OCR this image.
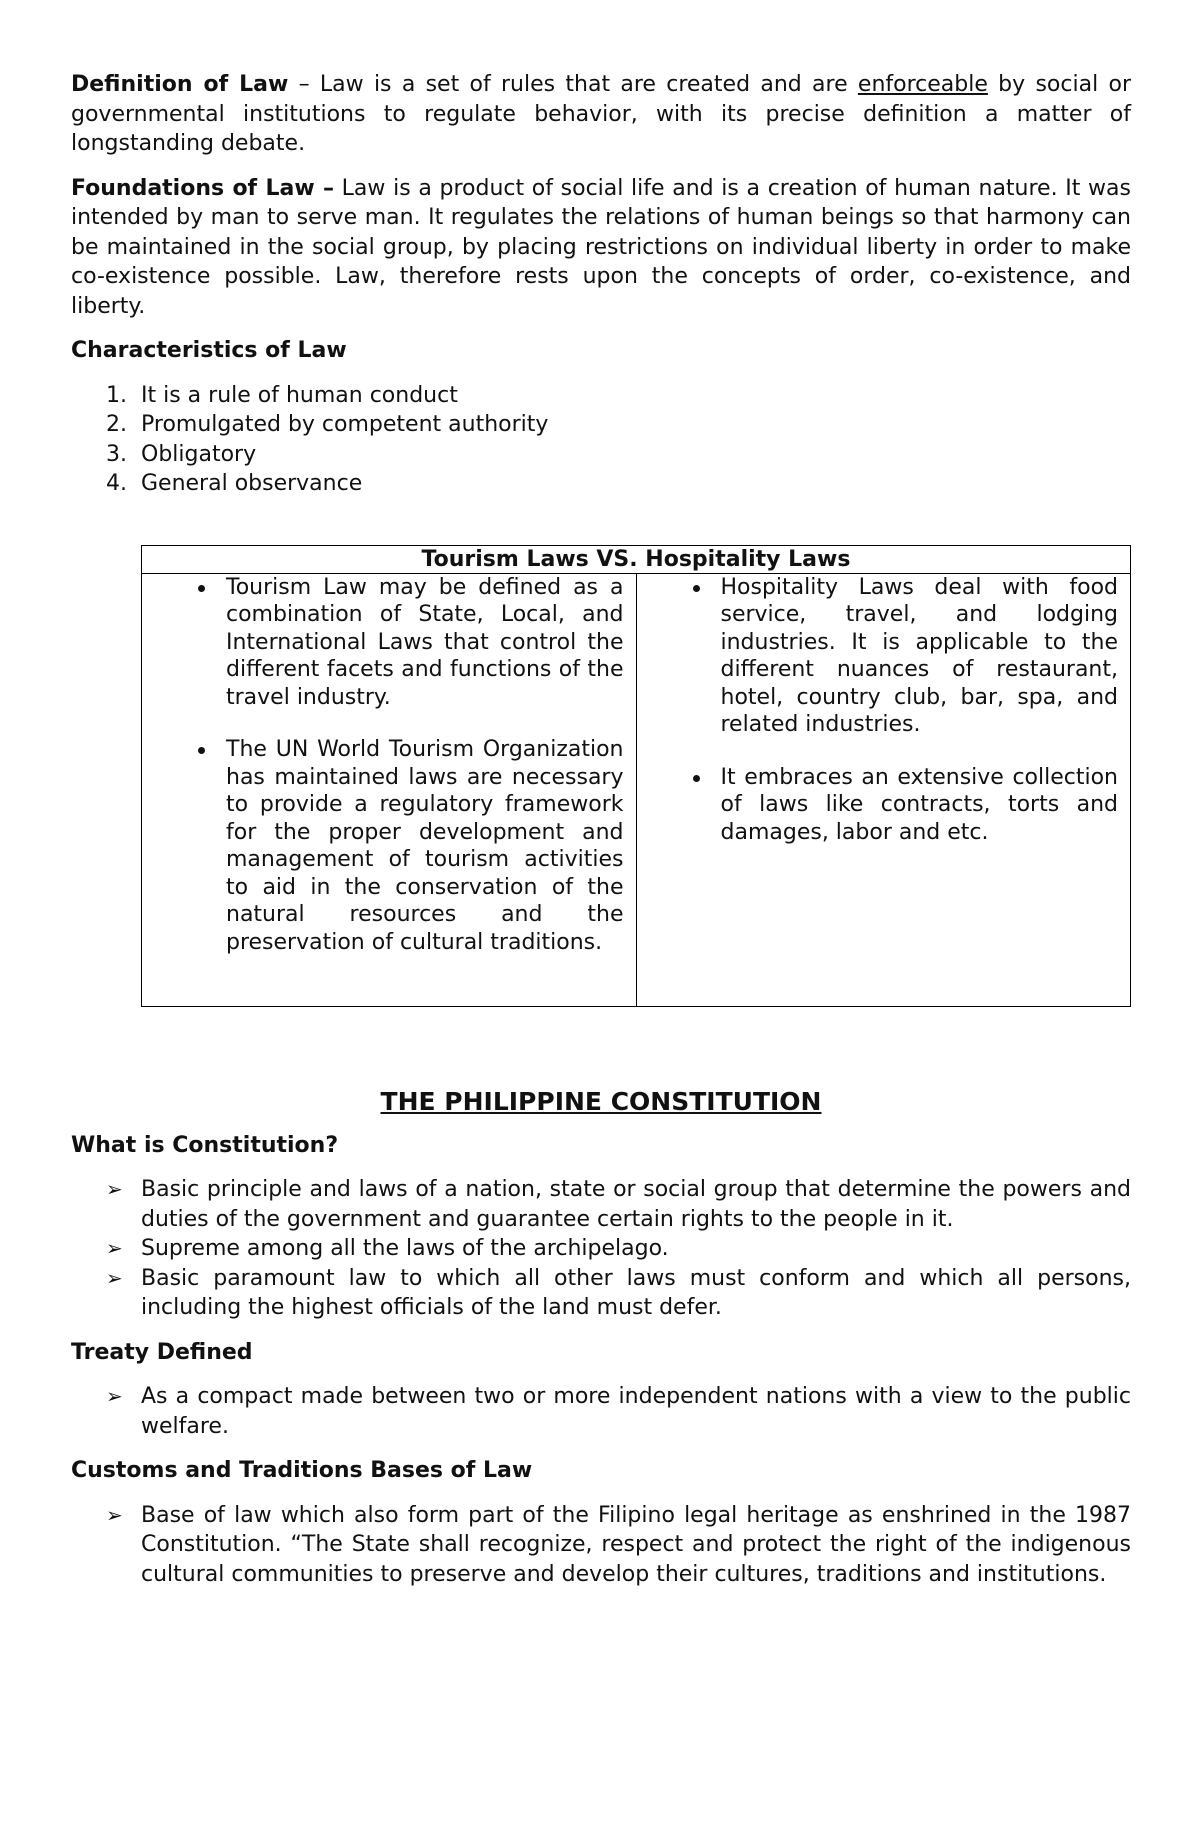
Definition of Law – Law is a set of rules that are created and are enforceable by social or governmental institutions to regulate behavior, with its precise definition a matter of longstanding debate.

Foundations of Law – Law is a product of social life and is a creation of human nature. It was intended by man to serve man. It regulates the relations of human beings so that harmony can be maintained in the social group, by placing restrictions on individual liberty in order to make co-existence possible. Law, therefore rests upon the concepts of order, co-existence, and liberty.

Characteristics of Law
1. It is a rule of human conduct
2. Promulgated by competent authority
3. Obligatory
4. General observance
Tourism Laws VS. Hospitality Laws

Tourism Law may be defined as a combination of State, Local, and International Laws that control the different facets and functions of the travel industry.
The UN World Tourism Organization has maintained laws are necessary to provide a regulatory framework for the proper development and management of tourism activities to aid in the conservation of the natural resources and the preservation of cultural traditions.

Hospitality Laws deal with food service, travel, and lodging industries. It is applicable to the different nuances of restaurant, hotel, country club, bar, spa, and related industries.
It embraces an extensive collection of laws like contracts, torts and damages, labor and etc.
THE PHILIPPINE CONSTITUTION
What is Constitution?
➢ Basic principle and laws of a nation, state or social group that determine the powers and duties of the government and guarantee certain rights to the people in it.
➢ Supreme among all the laws of the archipelago.
➢ Basic paramount law to which all other laws must conform and which all persons, including the highest officials of the land must defer.
Treaty Defined
➢ As a compact made between two or more independent nations with a view to the public welfare.
Customs and Traditions Bases of Law
➢ Base of law which also form part of the Filipino legal heritage as enshrined in the 1987 Constitution. “The State shall recognize, respect and protect the right of the indigenous cultural communities to preserve and develop their cultures, traditions and institutions.
